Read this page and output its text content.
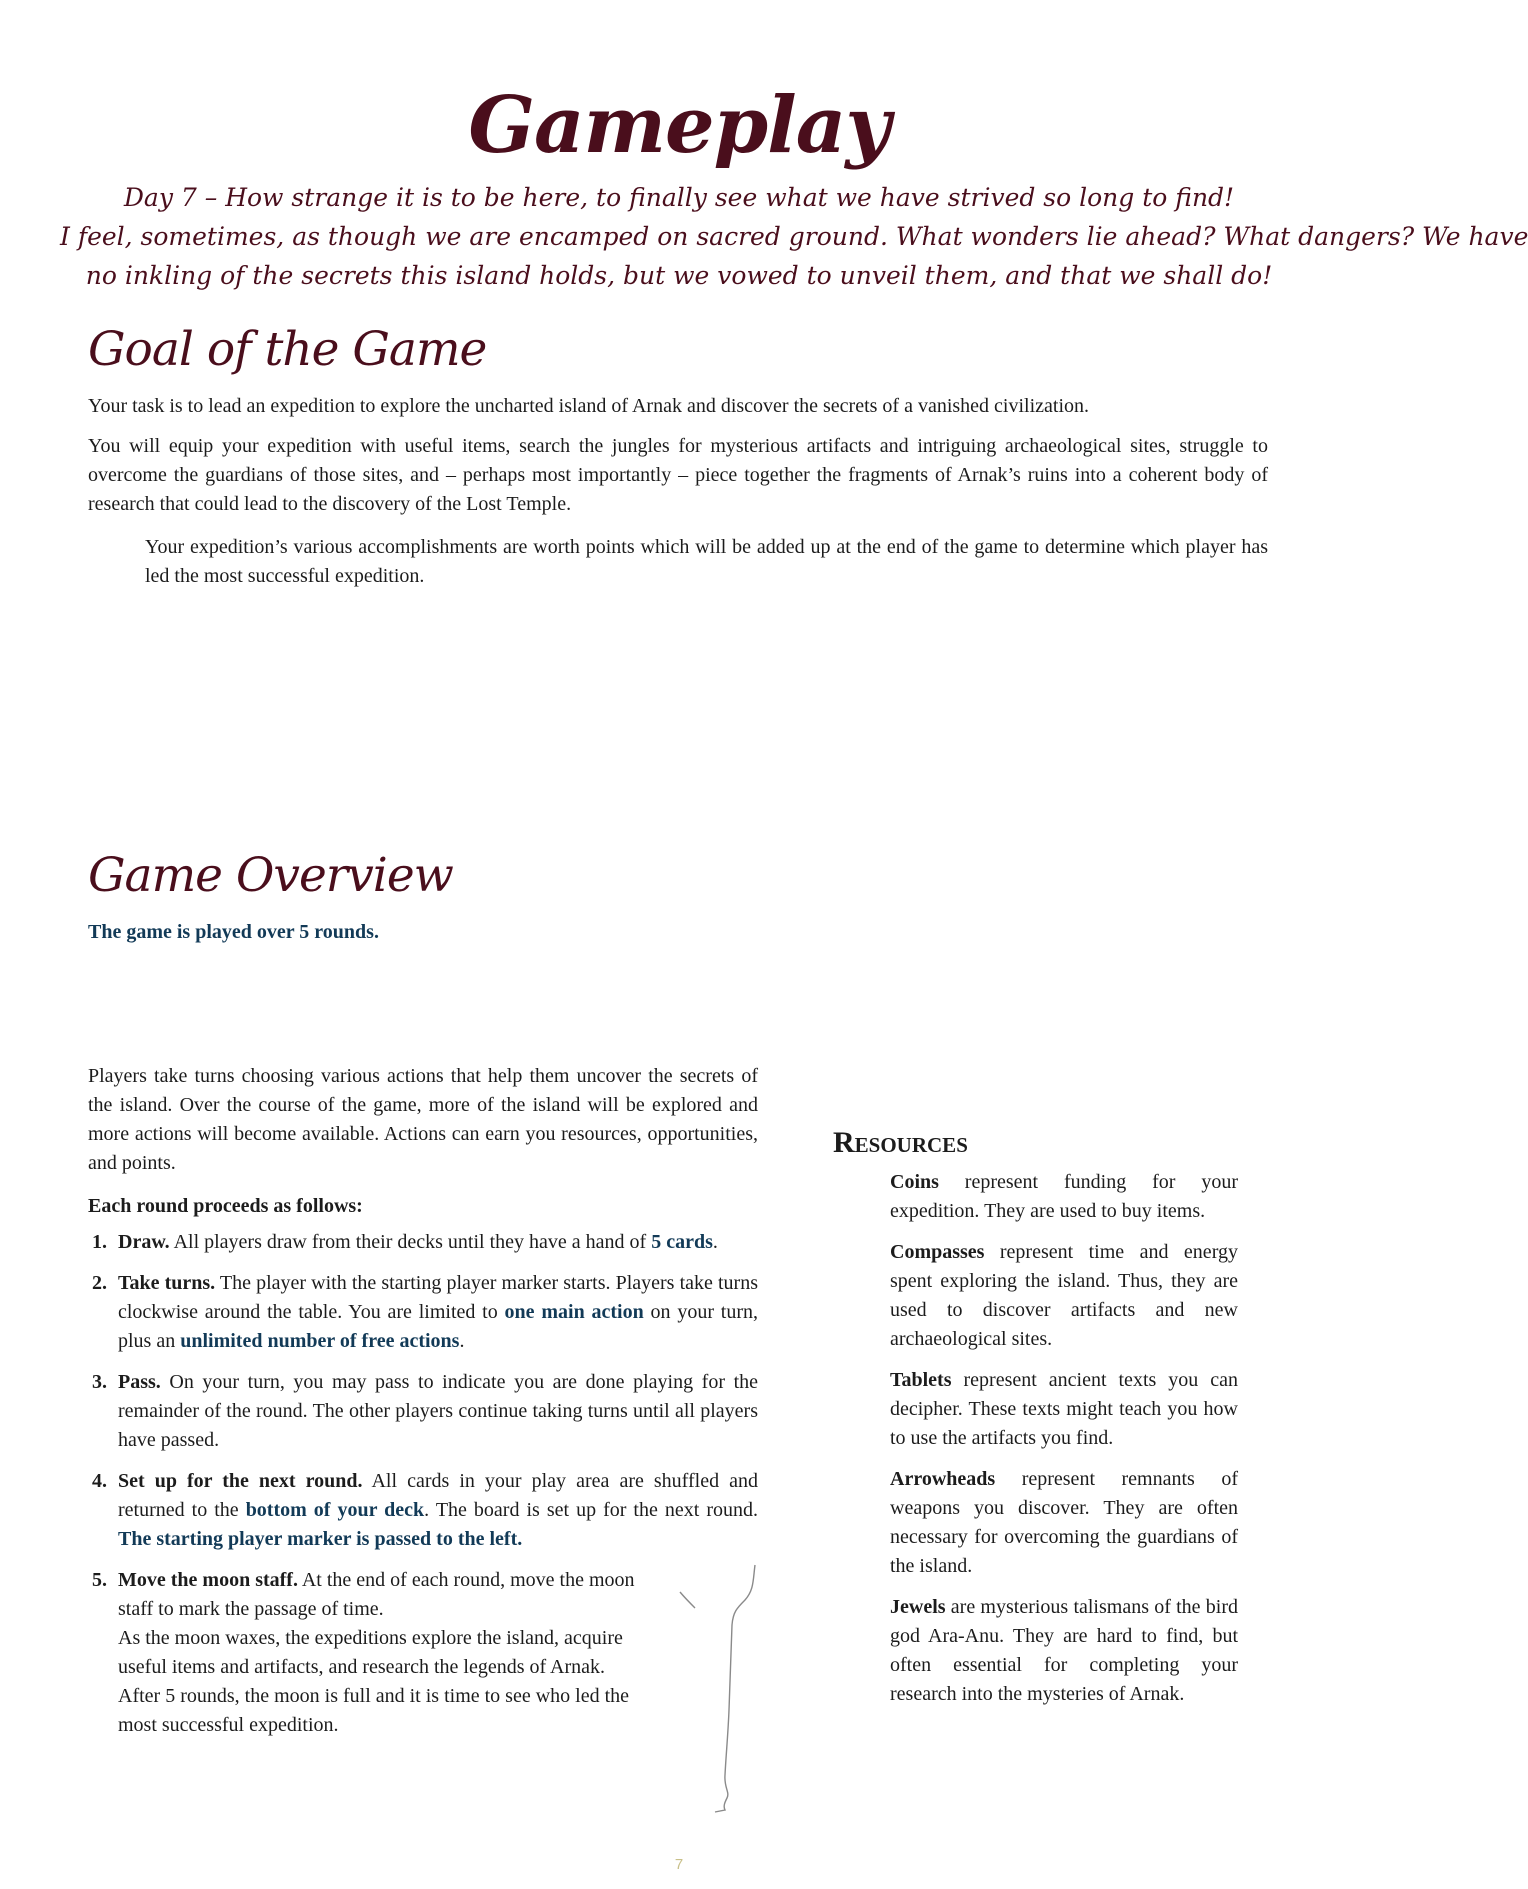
Gameplay
Day 7 – How strange it is to be here, to finally see what we have strived so long to find!
I feel, sometimes, as though we are encamped on sacred ground. What wonders lie ahead? What dangers? We have
no inkling of the secrets this island holds, but we vowed to unveil them, and that we shall do!
Goal of the Game

Your task is to lead an expedition to explore the uncharted island of Arnak and discover the secrets of a vanished civilization.

You will equip your expedition with useful items, search the jungles for mysterious artifacts and intriguing archaeological sites, struggle to overcome the guardians of those sites, and – perhaps most importantly – piece together the fragments of Arnak’s ruins into a coherent body of research that could lead to the discovery of the Lost Temple.

Your expedition’s various accomplishments are worth points which will be added up at the end of the game to determine which player has led the most successful expedition.

Game Overview

The game is played over 5 rounds.

Players take turns choosing various actions that help them uncover the secrets of the island. Over the course of the game, more of the island will be explored and more actions will become available. Actions can earn you resources, opportunities, and points.

Each round proceeds as follows:

1. Draw. All players draw from their decks until they have a hand of 5 cards.
2. Take turns. The player with the starting player marker starts. Players take turns clockwise around the table. You are limited to one main action on your turn, plus an unlimited number of free actions.
3. Pass. On your turn, you may pass to indicate you are done playing for the remainder of the round. The other players continue taking turns until all players have passed.
4. Set up for the next round. All cards in your play area are shuffled and returned to the bottom of your deck. The board is set up for the next round. The starting player marker is passed to the left.
5. Move the moon staff. At the end of each round, move the moon staff to mark the passage of time.
As the moon waxes, the expeditions explore the island, acquire useful items and artifacts, and research the legends of Arnak. After 5 rounds, the moon is full and it is time to see who led the most successful expedition.
Resources

Coins represent funding for your expedition. They are used to buy items.

Compasses represent time and energy spent exploring the island. Thus, they are used to discover artifacts and new archaeological sites.

Tablets represent ancient texts you can decipher. These texts might teach you how to use the artifacts you find.

Arrowheads represent remnants of weapons you discover. They are often necessary for overcoming the guardians of the island.

Jewels are mysterious talismans of the bird god Ara-Anu. They are hard to find, but often essential for completing your research into the mysteries of Arnak.

7
